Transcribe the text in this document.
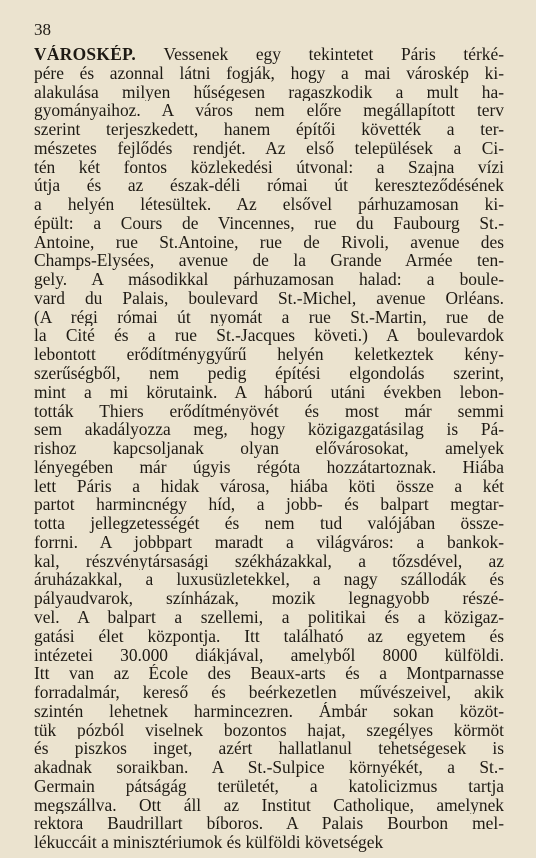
38
VÁROSKÉP. Vessenek egy tekintetet Páris térké-
pére és azonnal látni fogják, hogy a mai városkép ki-
alakulása milyen hűségesen ragaszkodik a mult ha-
gyományaihoz. A város nem előre megállapított terv
szerint terjeszkedett, hanem építői követték a ter-
mészetes fejlődés rendjét. Az első települések a Ci-
tén két fontos közlekedési útvonal: a Szajna vízi
útja és az észak-déli római út kereszteződésének
a helyén létesültek. Az elsővel párhuzamosan ki-
épült: a Cours de Vincennes, rue du Faubourg St.-
Antoine, rue St.Antoine, rue de Rivoli, avenue des
Champs-Elysées, avenue de la Grande Armée ten-
gely. A másodikkal párhuzamosan halad: a boule-
vard du Palais, boulevard St.-Michel, avenue Orléans.
(A régi római út nyomát a rue St.-Martin, rue de
la Cité és a rue St.-Jacques követi.) A boulevardok
lebontott erődítménygyűrű helyén keletkeztek kény-
szerűségből, nem pedig építési elgondolás szerint,
mint a mi körutaink. A háború utáni években lebon-
tották Thiers erődítményövét és most már semmi
sem akadályozza meg, hogy közigazgatásilag is Pá-
rishoz kapcsoljanak olyan elővárosokat, amelyek
lényegében már úgyis régóta hozzátartoznak. Hiába
lett Páris a hidak városa, hiába köti össze a két
partot harmincnégy híd, a jobb- és balpart megtar-
totta jellegzetességét és nem tud valójában össze-
forrni. A jobbpart maradt a világváros: a bankok-
kal, részvénytársasági székházakkal, a tőzsdével, az
áruházakkal, a luxusüzletekkel, a nagy szállodák és
pályaudvarok, színházak, mozik legnagyobb részé-
vel. A balpart a szellemi, a politikai és a közigaz-
gatási élet központja. Itt található az egyetem és
intézetei 30.000 diákjával, amelyből 8000 külföldi.
Itt van az École des Beaux-arts és a Montparnasse
forradalmár, kereső és beérkezetlen művészeivel, akik
szintén lehetnek harmincezren. Ámbár sokan közöt-
tük pózból viselnek bozontos hajat, szegélyes körmöt
és piszkos inget, azért hallatlanul tehetségesek is
akadnak soraikban. A St.-Sulpice környékét, a St.-
Germain pátságág területét, a katolicizmus tartja
megszállva. Ott áll az Institut Catholique, amelynek
rektora Baudrillart bíboros. A Palais Bourbon mel-
lékuccáit a minisztériumok és külföldi követségek
